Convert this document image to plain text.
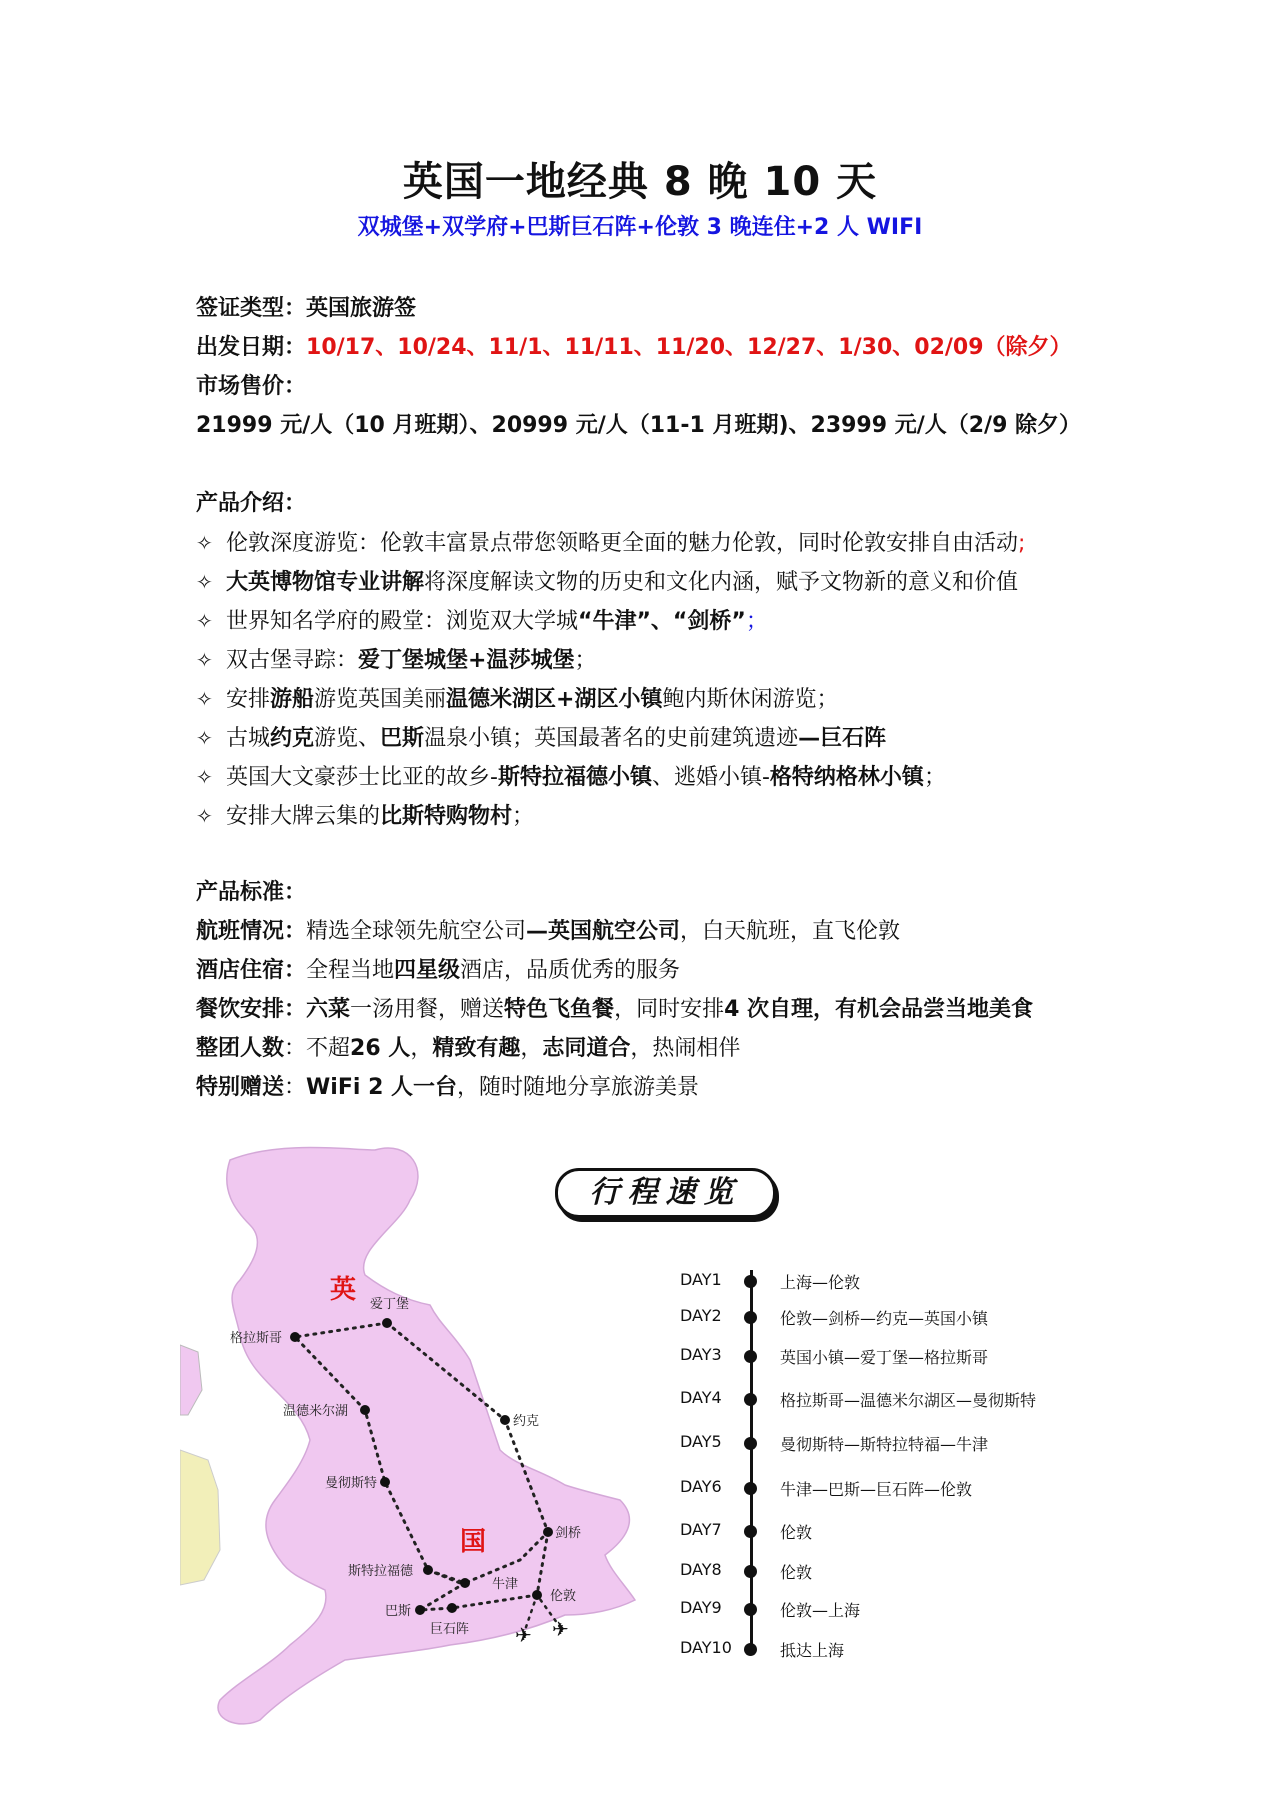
英国一地经典 8 晚 10 天
双城堡+双学府+巴斯巨石阵+伦敦 3 晚连住+2 人 WIFI
签证类型：英国旅游签
出发日期：10/17、10/24、11/1、11/11、11/20、12/27、1/30、02/09（除夕）
市场售价：
21999 元/人（10 月班期）、20999 元/人（11-1 月班期)、23999 元/人（2/9 除夕）
产品介绍：
✧ 伦敦深度游览：伦敦丰富景点带您领略更全面的魅力伦敦，同时伦敦安排自由活动;
✧ 大英博物馆专业讲解将深度解读文物的历史和文化内涵，赋予文物新的意义和价值
✧ 世界知名学府的殿堂：浏览双大学城“牛津”、“剑桥”；
✧ 双古堡寻踪：爱丁堡城堡+温莎城堡；
✧ 安排游船游览英国美丽温德米湖区+湖区小镇鲍内斯休闲游览；
✧ 古城约克游览、巴斯温泉小镇；英国最著名的史前建筑遗迹—巨石阵
✧ 英国大文豪莎士比亚的故乡-斯特拉福德小镇、逃婚小镇-格特纳格林小镇；
✧ 安排大牌云集的比斯特购物村；
产品标准：
航班情况：精选全球领先航空公司—英国航空公司，白天航班，直飞伦敦
酒店住宿：全程当地四星级酒店，品质优秀的服务
餐饮安排：六菜一汤用餐，赠送特色飞鱼餐，同时安排4 次自理，有机会品尝当地美食
整团人数：不超26 人，精致有趣，志同道合，热闹相伴
特别赠送：WiFi 2 人一台，随时随地分享旅游美景
✈ ✈
英
国
爱丁堡
格拉斯哥
温德米尔湖
约克
曼彻斯特
剑桥
斯特拉福德
牛津
巴斯
巨石阵
伦敦
行程速览
DAY1	上海—伦敦
DAY2	伦敦—剑桥—约克—英国小镇
DAY3	英国小镇—爱丁堡—格拉斯哥
DAY4	格拉斯哥—温德米尔湖区—曼彻斯特
DAY5	曼彻斯特—斯特拉特福—牛津
DAY6	牛津—巴斯—巨石阵—伦敦
DAY7	伦敦
DAY8	伦敦
DAY9	伦敦—上海
DAY10	抵达上海
